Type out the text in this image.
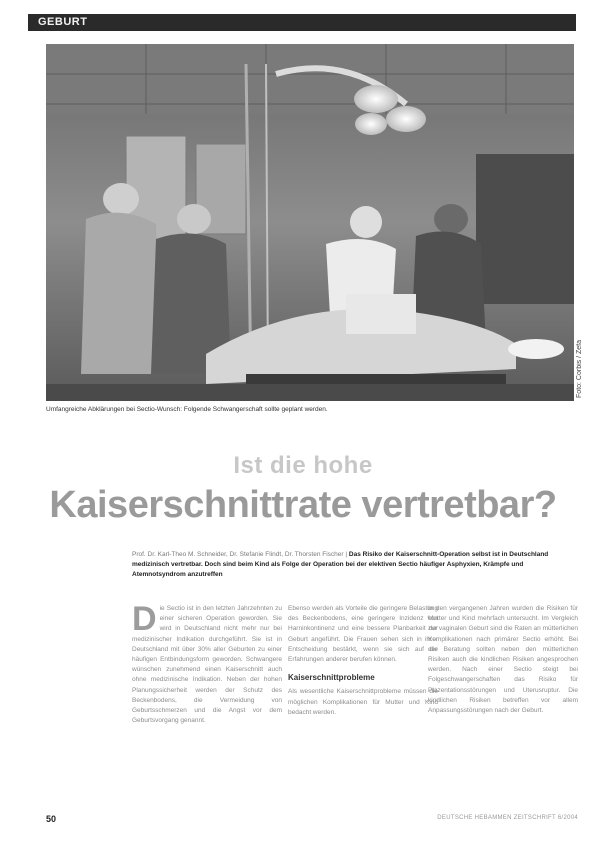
GEBURT
Foto: Corbis / Zefa
Umfangreiche Abklärungen bei Sectio-Wunsch: Folgende Schwangerschaft sollte geplant werden.
Ist die hohe
Kaiserschnittrate vertretbar?
Prof. Dr. Karl-Theo M. Schneider, Dr. Stefanie Flindt, Dr. Thorsten Fischer | Das Risiko der Kaiserschnitt-Operation selbst ist in Deutschland medizinisch vertretbar. Doch sind beim Kind als Folge der Operation bei der elektiven Sectio häufiger Asphyxien, Krämpfe und Atemnotsyndrom anzutreffen
D ie Sectio ist in den letzten Jahrzehnten zu einer sicheren Operation geworden. Sie wird in Deutschland nicht mehr nur bei medizinischer Indikation durchgeführt. Sie ist in Deutschland mit über 30% aller Geburten zu einer häufigen Entbindungsform geworden. Schwangere wünschen zunehmend einen Kaiserschnitt auch ohne medizinische Indikation. Neben der hohen Planungssicherheit werden der Schutz des Beckenbodens, die Vermeidung von Geburtsschmerzen und die Angst vor dem Geburtsvorgang genannt.
Ebenso werden als Vorteile die geringere Belastung des Beckenbodens, eine geringere Inzidenz von Harninkontinenz und eine bessere Planbarkeit der Geburt angeführt. Die Frauen sehen sich in ihrer Entscheidung bestärkt, wenn sie sich auf die Erfahrungen anderer berufen können.
Kaiserschnittprobleme
Als wesentliche Kaiserschnittprobleme müssen die möglichen Komplikationen für Mutter und Kind bedacht werden.
In den vergangenen Jahren wurden die Risiken für Mutter und Kind mehrfach untersucht. Im Vergleich zur vaginalen Geburt sind die Raten an mütterlichen Komplikationen nach primärer Sectio erhöht. Bei der Beratung sollten neben den mütterlichen Risiken auch die kindlichen Risiken angesprochen werden. Nach einer Sectio steigt bei Folgeschwangerschaften das Risiko für Plazentationsstörungen und Uterusruptur. Die kindlichen Risiken betreffen vor allem Anpassungsstörungen nach der Geburt.
50	DEUTSCHE HEBAMMEN ZEITSCHRIFT 6/2004
